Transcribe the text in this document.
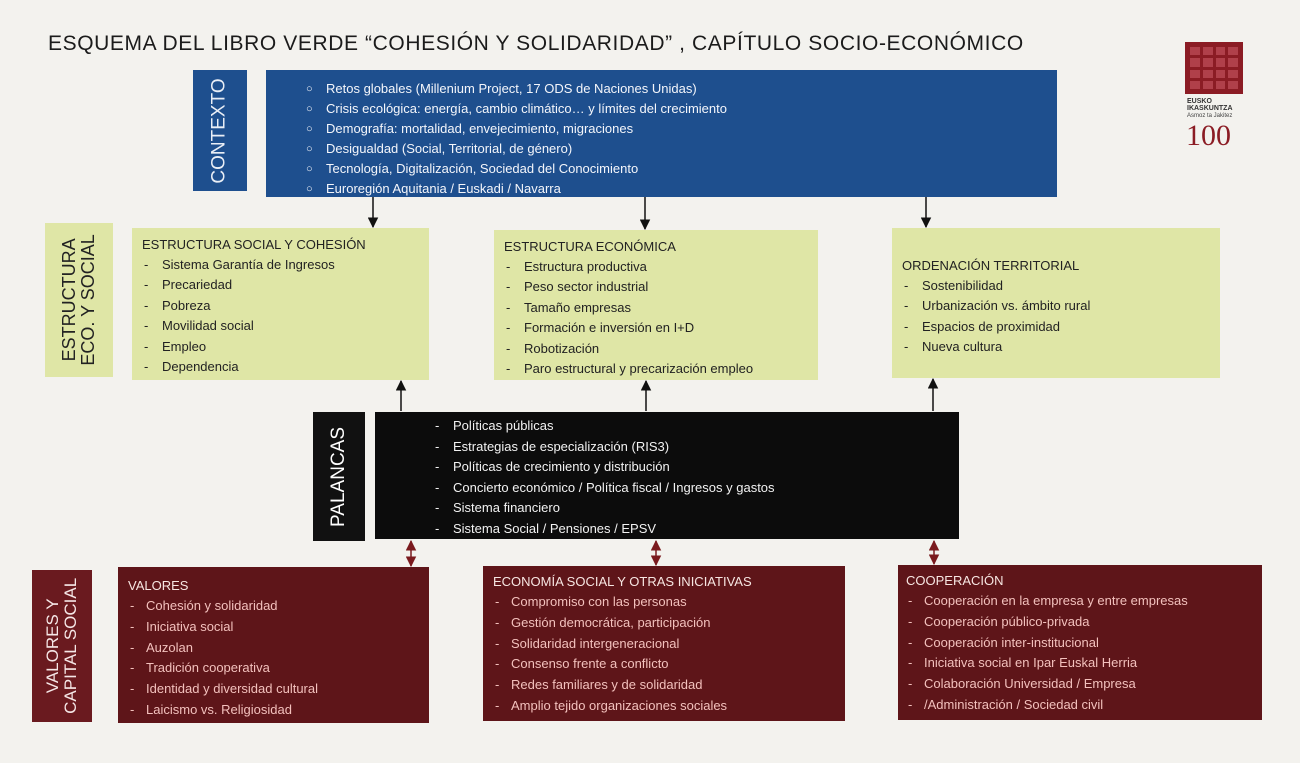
ESQUEMA DEL LIBRO VERDE “COHESIÓN Y SOLIDARIDAD” , CAPÍTULO SOCIO-ECONÓMICO
EUSKO
IKASKUNTZA
Asmoz ta Jakitez
100
CONTEXTO
○	Retos globales (Millenium Project, 17 ODS de Naciones Unidas)
○ Crisis ecológica: energía, cambio climático… y límites del crecimiento
○ Demografía: mortalidad, envejecimiento, migraciones
○ Desigualdad (Social, Territorial, de género)
○ Tecnología, Digitalización, Sociedad del Conocimiento
○ Euroregión Aquitania / Euskadi / Navarra
ESTRUCTURA
ECO. Y SOCIAL	ESTRUCTURA SOCIAL Y COHESIÓN
- Sistema Garantía de Ingresos
- Precariedad
- Pobreza
- Movilidad social
- Empleo
- Dependencia
ESTRUCTURA ECONÓMICA
- Estructura productiva
- Peso sector industrial
- Tamaño empresas
- Formación e inversión en I+D
- Robotización
- Paro estructural y precarización empleo
ORDENACIÓN TERRITORIAL
- Sostenibilidad
- Urbanización vs. ámbito rural
- Espacios de proximidad
- Nueva cultura
PALANCAS
- Políticas públicas
- Estrategias de especialización (RIS3)
- Políticas de crecimiento y distribución
- Concierto económico / Política fiscal / Ingresos y gastos
- Sistema financiero
- Sistema Social / Pensiones / EPSV
VALORES Y
CAPITAL SOCIAL	VALORES
- Cohesión y solidaridad
- Iniciativa social
- Auzolan
- Tradición cooperativa
- Identidad y diversidad cultural
- Laicismo vs. Religiosidad
ECONOMÍA SOCIAL Y OTRAS INICIATIVAS
- Compromiso con las personas
- Gestión democrática, participación
- Solidaridad intergeneracional
- Consenso frente a conflicto
- Redes familiares y de solidaridad
- Amplio tejido organizaciones sociales
COOPERACIÓN
- Cooperación en la empresa y entre empresas
- Cooperación público-privada
- Cooperación inter-institucional
- Iniciativa social en Ipar Euskal Herria
- Colaboración Universidad / Empresa
- /Administración / Sociedad civil
